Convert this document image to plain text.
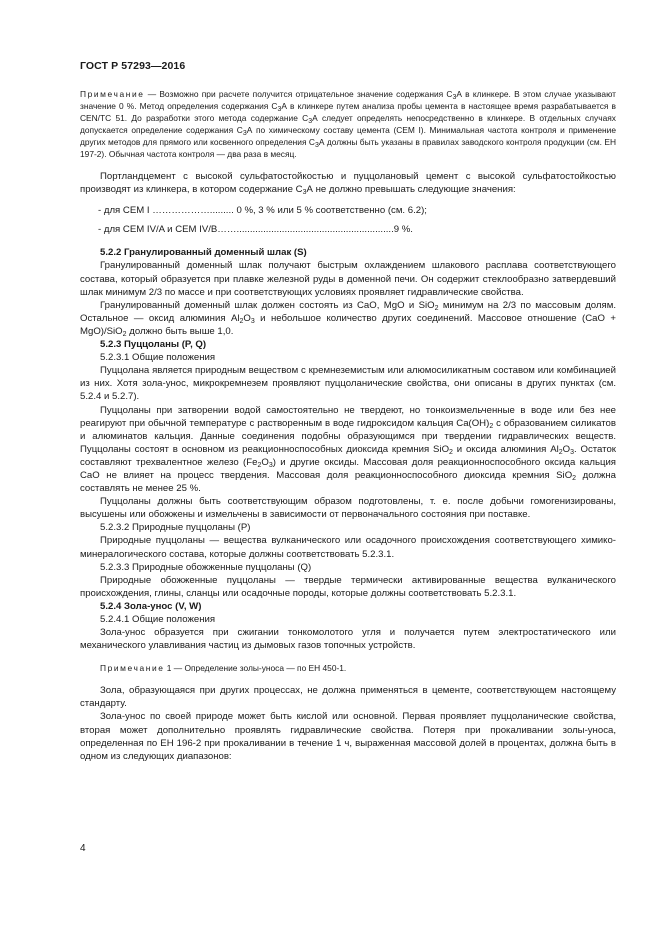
ГОСТ Р 57293—2016

Примечание — Возможно при расчете получится отрицательное значение содержания $С_3А$ в клинкере. В этом случае указывают значение 0 %. Метод определения содержания $С_3А$ в клинкере путем анализа пробы цемента в настоящее время разрабатывается в CEN/TC 51. До разработки этого метода содержание $С_3А$ следует определять непосредственно в клинкере. В отдельных случаях допускается определение содержания $С_3А$ по химическому составу цемента (CEM I). Минимальная частота контроля и применение других методов для прямого или косвенного определения $С_3А$ должны быть указаны в правилах заводского контроля продукции (см. ЕН 197-2). Обычная частота контроля — два раза в месяц.

Портландцемент с высокой сульфатостойкостью и пуццолановый цемент с высокой сульфатостойкостью производят из клинкера, в котором содержание $С_3А$ не должно превышать следующие значения:

- для CEM I ………………......... 0 %, 3 % или 5 % соответственно (см. 6.2);

- для CEM IV/A и CEM IV/B……...........................................................9 %.

5.2.2 Гранулированный доменный шлак (S)

Гранулированный доменный шлак получают быстрым охлаждением шлакового расплава соответствующего состава, который образуется при плавке железной руды в доменной печи. Он содержит стеклообразно затвердевший шлак минимум 2/3 по массе и при соответствующих условиях проявляет гидравлические свойства.

Гранулированный доменный шлак должен состоять из CaO, MgO и SiO$_2$ минимум на 2/3 по массовым долям. Остальное — оксид алюминия $Al_2O_3$ и небольшое количество других соединений. Массовое отношение (CaO + MgO)/SiO$_2$ должно быть выше 1,0.

5.2.3 Пуццоланы (P, Q)

5.2.3.1 Общие положения

Пуццолана является природным веществом с кремнеземистым или алюмосиликатным составом или комбинацией из них. Хотя зола-унос, микрокремнезем проявляют пуццоланические свойства, они описаны в других пунктах (см. 5.2.4 и 5.2.7).

Пуццоланы при затворении водой самостоятельно не твердеют, но тонкоизмельченные в воде или без нее реагируют при обычной температуре с растворенным в воде гидроксидом кальция $Ca(OH)_2$ с образованием силикатов и алюминатов кальция. Данные соединения подобны образующимся при твердении гидравлических веществ. Пуццоланы состоят в основном из реакционноспособных диоксида кремния SiO$_2$ и оксида алюминия $Al_2O_3$. Остаток составляют трехвалентное железо $(Fe_2O_3)$ и другие оксиды. Массовая доля реакционноспособного оксида кальция CaO не влияет на процесс твердения. Массовая доля реакционноспособного диоксида кремния SiO$_2$ должна составлять не менее 25 %.

Пуццоланы должны быть соответствующим образом подготовлены, т. е. после добычи гомогенизированы, высушены или обожжены и измельчены в зависимости от первоначального состояния при поставке.

5.2.3.2 Природные пуццоланы (P)

Природные пуццоланы — вещества вулканического или осадочного происхождения соответствующего химико-минералогического состава, которые должны соответствовать 5.2.3.1.

5.2.3.3 Природные обожженные пуццоланы (Q)

Природные обожженные пуццоланы — твердые термически активированные вещества вулканического происхождения, глины, сланцы или осадочные породы, которые должны соответствовать 5.2.3.1.

5.2.4 Зола-унос (V, W)

5.2.4.1 Общие положения

Зола-унос образуется при сжигании тонкомолотого угля и получается путем электростатического или механического улавливания частиц из дымовых газов топочных устройств.

Примечание 1 — Определение золы-уноса — по ЕН 450-1.

Зола, образующаяся при других процессах, не должна применяться в цементе, соответствующем настоящему стандарту.

Зола-унос по своей природе может быть кислой или основной. Первая проявляет пуццоланические свойства, вторая может дополнительно проявлять гидравлические свойства. Потеря при прокаливании золы-уноса, определенная по ЕН 196-2 при прокаливании в течение 1 ч, выраженная массовой долей в процентах, должна быть в одном из следующих диапазонов:

4
